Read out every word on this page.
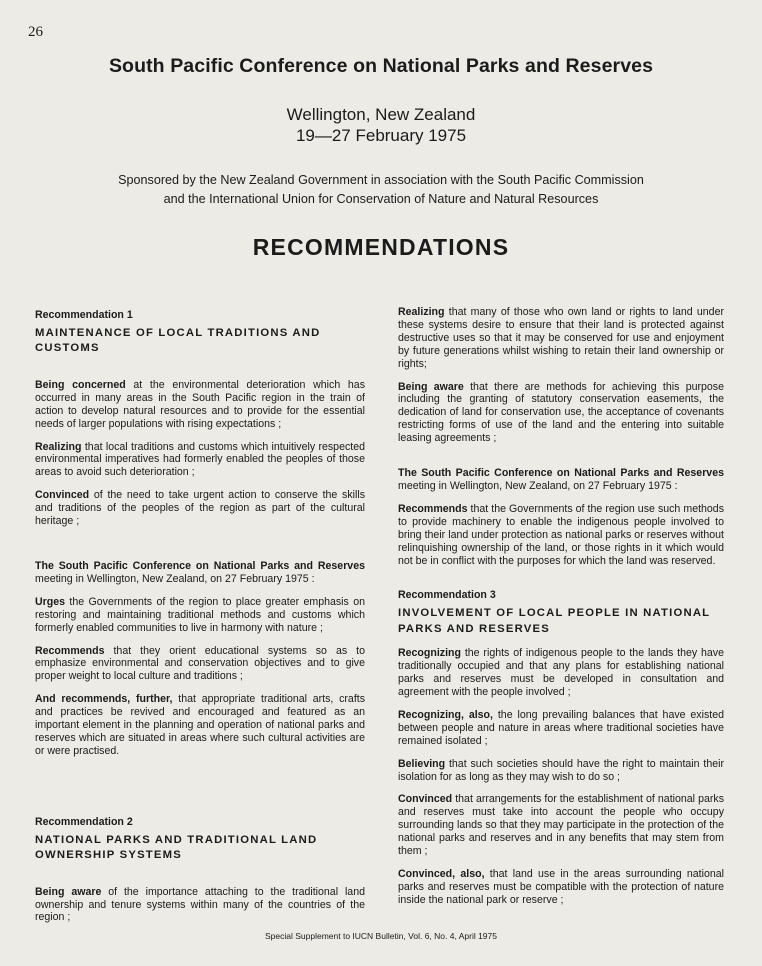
26
South Pacific Conference on National Parks and Reserves
Wellington, New Zealand
19—27 February 1975
Sponsored by the New Zealand Government in association with the South Pacific Commission
and the International Union for Conservation of Nature and Natural Resources
RECOMMENDATIONS

Recommendation 1

MAINTENANCE OF LOCAL TRADITIONS AND CUSTOMS

Being concerned at the environmental deterioration which has occurred in many areas in the South Pacific region in the train of action to develop natural resources and to provide for the essential needs of larger populations with rising expectations ;

Realizing that local traditions and customs which intuitively respected environmental imperatives had formerly enabled the peoples of those areas to avoid such deterioration ;

Convinced of the need to take urgent action to conserve the skills and traditions of the peoples of the region as part of the cultural heritage ;

The South Pacific Conference on National Parks and Reserves meeting in Wellington, New Zealand, on 27 February 1975 :

Urges the Governments of the region to place greater emphasis on restoring and maintaining traditional methods and customs which formerly enabled communities to live in harmony with nature ;

Recommends that they orient educational systems so as to emphasize environmental and conservation objectives and to give proper weight to local culture and traditions ;

And recommends, further, that appropriate traditional arts, crafts and practices be revived and encouraged and featured as an important element in the planning and operation of national parks and reserves which are situated in areas where such cultural activities are or were practised.

Recommendation 2

NATIONAL PARKS AND TRADITIONAL LAND OWNERSHIP SYSTEMS

Being aware of the importance attaching to the traditional land ownership and tenure systems within many of the countries of the region ;

Realizing that many of those who own land or rights to land under these systems desire to ensure that their land is protected against destructive uses so that it may be conserved for use and enjoyment by future generations whilst wishing to retain their land ownership or rights;

Being aware that there are methods for achieving this purpose including the granting of statutory conservation easements, the dedication of land for conservation use, the acceptance of covenants restricting forms of use of the land and the entering into suitable leasing agreements ;

The South Pacific Conference on National Parks and Reserves meeting in Wellington, New Zealand, on 27 February 1975 :

Recommends that the Governments of the region use such methods to provide machinery to enable the indigenous people involved to bring their land under protection as national parks or reserves without relinquishing ownership of the land, or those rights in it which would not be in conflict with the purposes for which the land was reserved.

Recommendation 3

INVOLVEMENT OF LOCAL PEOPLE IN NATIONAL PARKS AND RESERVES

Recognizing the rights of indigenous people to the lands they have traditionally occupied and that any plans for establishing national parks and reserves must be developed in consultation and agreement with the people involved ;

Recognizing, also, the long prevailing balances that have existed between people and nature in areas where traditional societies have remained isolated ;

Believing that such societies should have the right to maintain their isolation for as long as they may wish to do so ;

Convinced that arrangements for the establishment of national parks and reserves must take into account the people who occupy surrounding lands so that they may participate in the protection of the national parks and reserves and in any benefits that may stem from them ;

Convinced, also, that land use in the areas surrounding national parks and reserves must be compatible with the protection of nature inside the national park or reserve ;

Special Supplement to IUCN Bulletin, Vol. 6, No. 4, April 1975
